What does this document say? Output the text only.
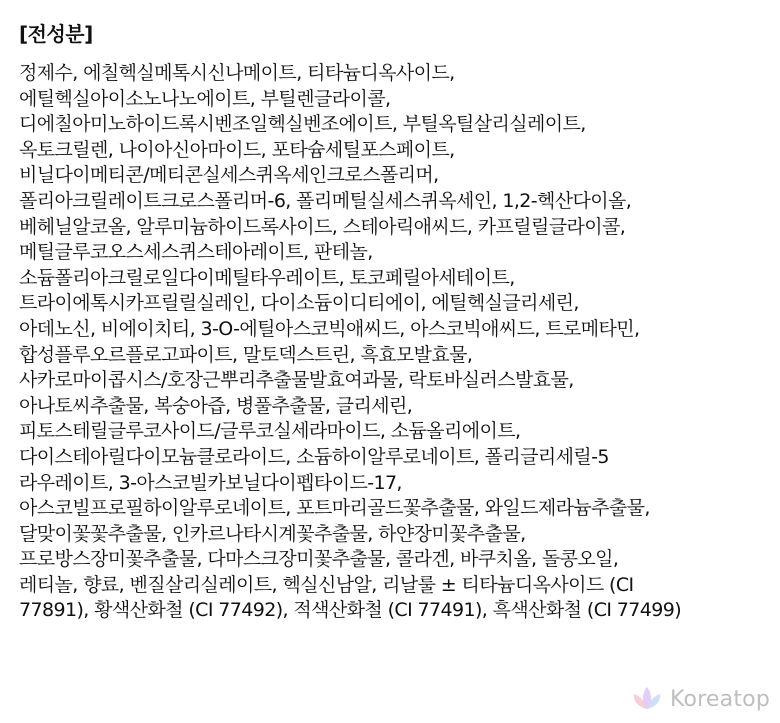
[전성분]
정제수, 에칠헥실메톡시신나메이트, 티타늄디옥사이드,
에틸헥실아이소노나노에이트, 부틸렌글라이콜,
디에칠아미노하이드록시벤조일헥실벤조에이트, 부틸옥틸살리실레이트,
옥토크릴렌, 나이아신아마이드, 포타슘세틸포스페이트,
비닐다이메티콘/메티콘실세스퀴옥세인크로스폴리머,
폴리아크릴레이트크로스폴리머-6, 폴리메틸실세스퀴옥세인, 1,2-헥산다이올,
베헤닐알코올, 알루미늄하이드록사이드, 스테아릭애씨드, 카프릴릴글라이콜,
메틸글루코오스세스퀴스테아레이트, 판테놀,
소듐폴리아크릴로일다이메틸타우레이트, 토코페릴아세테이트,
트라이에톡시카프릴릴실레인, 다이소듐이디티에이, 에틸헥실글리세린,
아데노신, 비에이치티, 3-O-에틸아스코빅애씨드, 아스코빅애씨드, 트로메타민,
합성플루오르플로고파이트, 말토덱스트린, 흑효모발효물,
사카로마이콥시스/호장근뿌리추출물발효여과물, 락토바실러스발효물,
아나토씨추출물, 복숭아즙, 병풀추출물, 글리세린,
피토스테릴글루코사이드/글루코실세라마이드, 소듐올리에이트,
다이스테아릴다이모늄클로라이드, 소듐하이알루로네이트, 폴리글리세릴-5
라우레이트, 3-아스코빌카보닐다이펩타이드-17,
아스코빌프로필하이알루로네이트, 포트마리골드꽃추출물, 와일드제라늄추출물,
달맞이꽃꽃추출물, 인카르나타시계꽃추출물, 하얀장미꽃추출물,
프로방스장미꽃추출물, 다마스크장미꽃추출물, 콜라겐, 바쿠치올, 돌콩오일,
레티놀, 향료, 벤질살리실레이트, 헥실신남알, 리날룰 ± 티타늄디옥사이드 (CI
77891), 황색산화철 (CI 77492), 적색산화철 (CI 77491), 흑색산화철 (CI 77499)
Koreatop
